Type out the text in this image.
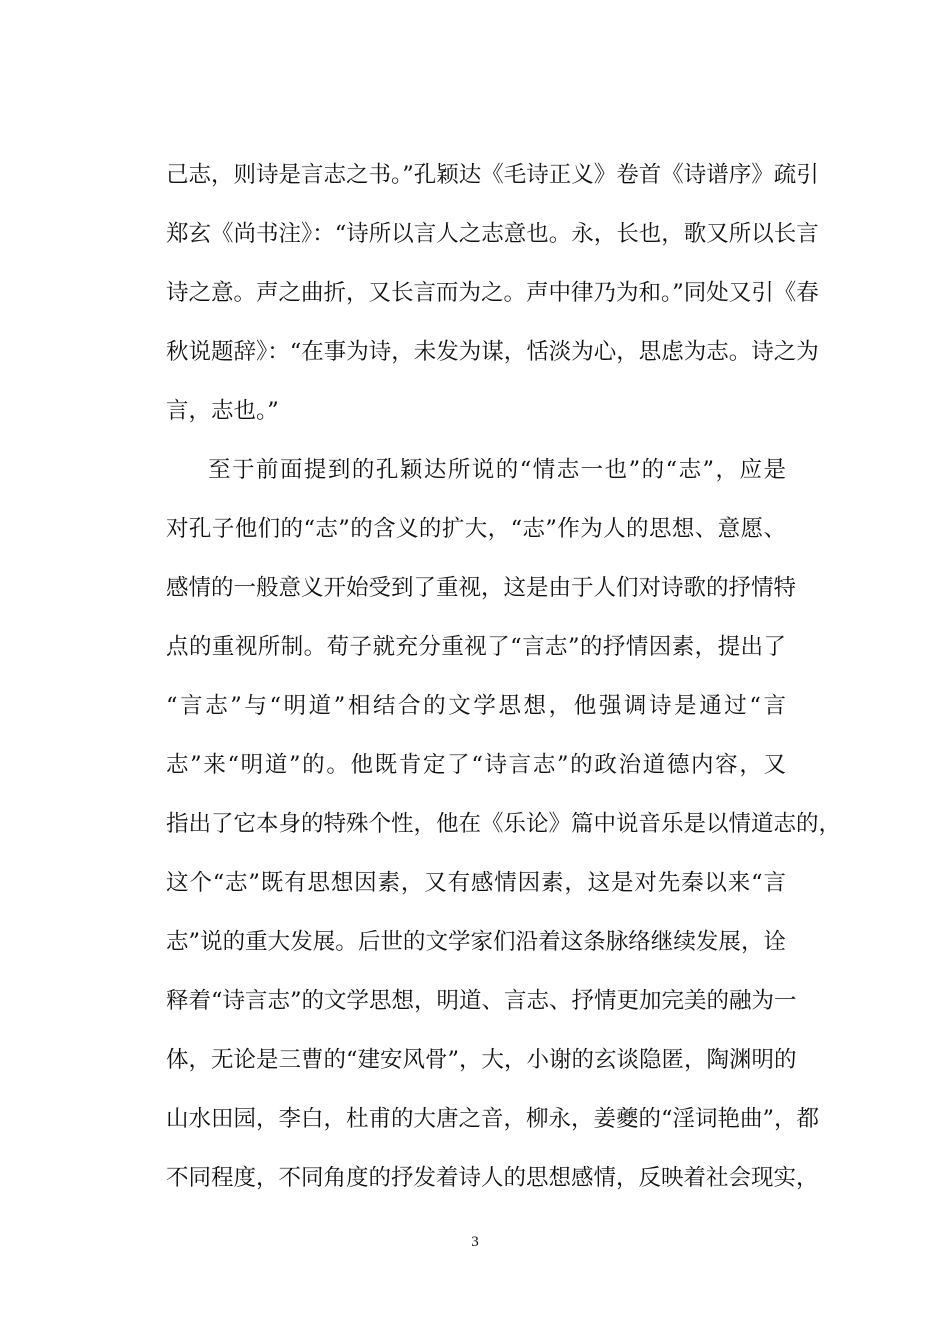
己志，则诗是言志之书。”孔颖达《毛诗正义》卷首《诗谱序》疏引
郑玄《尚书注》：“诗所以言人之志意也。永，长也，歌又所以长言
诗之意。声之曲折，又长言而为之。声中律乃为和。”同处又引《春
秋说题辞》：“在事为诗，未发为谋，恬淡为心，思虑为志。诗之为
言，志也。”
至于前面提到的孔颖达所说的“情志一也”的“志”，应是
对孔子他们的“志”的含义的扩大，“志”作为人的思想、意愿、
感情的一般意义开始受到了重视，这是由于人们对诗歌的抒情特
点的重视所制。荀子就充分重视了“言志”的抒情因素，提出了
“言志”与“明道”相结合的文学思想，他强调诗是通过“言
志”来“明道”的。他既肯定了“诗言志”的政治道德内容，又
指出了它本身的特殊个性，他在《乐论》篇中说音乐是以情道志的，
这个“志”既有思想因素，又有感情因素，这是对先秦以来“言
志”说的重大发展。后世的文学家们沿着这条脉络继续发展，诠
释着“诗言志”的文学思想，明道、言志、抒情更加完美的融为一
体，无论是三曹的“建安风骨”，大，小谢的玄谈隐匿，陶渊明的
山水田园，李白，杜甫的大唐之音，柳永，姜夔的“淫词艳曲”，都
不同程度，不同角度的抒发着诗人的思想感情，反映着社会现实，
3
